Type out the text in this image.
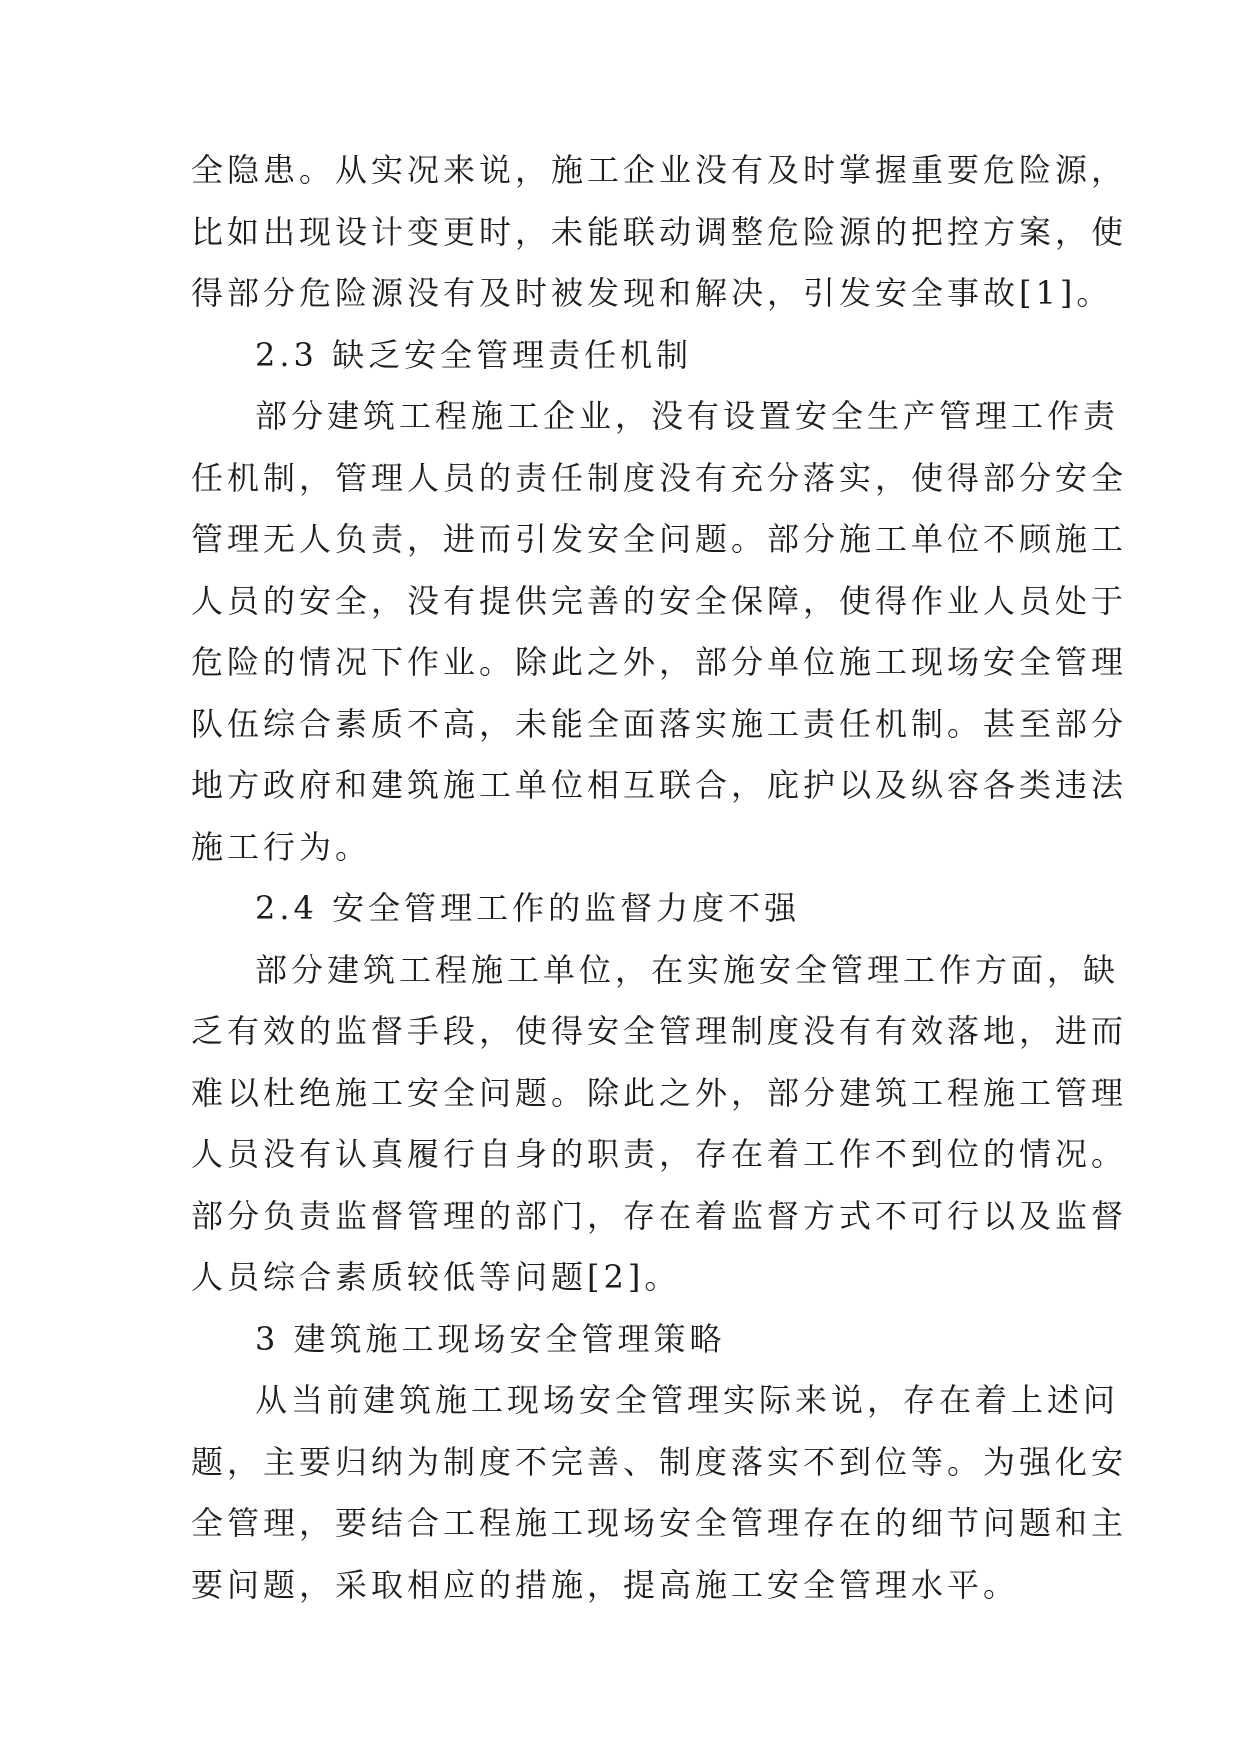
全隐患。从实况来说，施工企业没有及时掌握重要危险源，
比如出现设计变更时，未能联动调整危险源的把控方案，使
得部分危险源没有及时被发现和解决，引发安全事故[1]。
2.3 缺乏安全管理责任机制
部分建筑工程施工企业，没有设置安全生产管理工作责
任机制，管理人员的责任制度没有充分落实，使得部分安全
管理无人负责，进而引发安全问题。部分施工单位不顾施工
人员的安全，没有提供完善的安全保障，使得作业人员处于
危险的情况下作业。除此之外，部分单位施工现场安全管理
队伍综合素质不高，未能全面落实施工责任机制。甚至部分
地方政府和建筑施工单位相互联合，庇护以及纵容各类违法
施工行为。
2.4 安全管理工作的监督力度不强
部分建筑工程施工单位，在实施安全管理工作方面，缺
乏有效的监督手段，使得安全管理制度没有有效落地，进而
难以杜绝施工安全问题。除此之外，部分建筑工程施工管理
人员没有认真履行自身的职责，存在着工作不到位的情况。
部分负责监督管理的部门，存在着监督方式不可行以及监督
人员综合素质较低等问题[2]。
3 建筑施工现场安全管理策略
从当前建筑施工现场安全管理实际来说，存在着上述问
题，主要归纳为制度不完善、制度落实不到位等。为强化安
全管理，要结合工程施工现场安全管理存在的细节问题和主
要问题，采取相应的措施，提高施工安全管理水平。
